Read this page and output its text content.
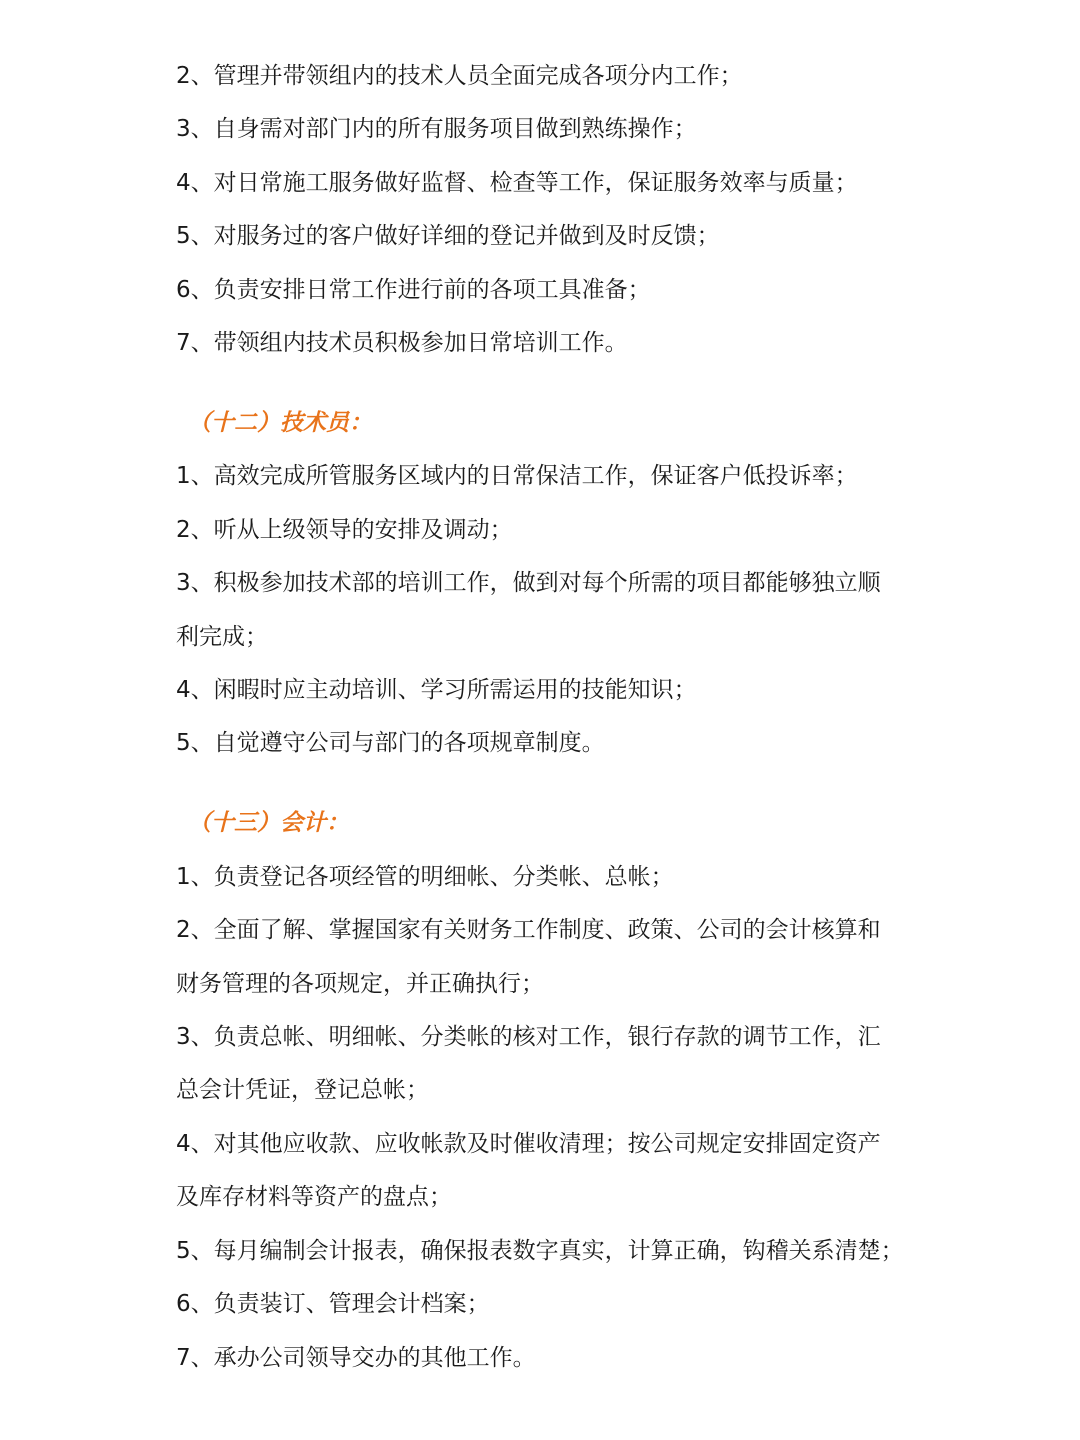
2、管理并带领组内的技术人员全面完成各项分内工作；
3、自身需对部门内的所有服务项目做到熟练操作；
4、对日常施工服务做好监督、检查等工作，保证服务效率与质量；
5、对服务过的客户做好详细的登记并做到及时反馈；
6、负责安排日常工作进行前的各项工具准备；
7、带领组内技术员积极参加日常培训工作。
（十二）技术员：
1、高效完成所管服务区域内的日常保洁工作，保证客户低投诉率；
2、听从上级领导的安排及调动；
3、积极参加技术部的培训工作，做到对每个所需的项目都能够独立顺
利完成；
4、闲暇时应主动培训、学习所需运用的技能知识；
5、自觉遵守公司与部门的各项规章制度。
（十三）会计：
1、负责登记各项经管的明细帐、分类帐、总帐；
2、全面了解、掌握国家有关财务工作制度、政策、公司的会计核算和
财务管理的各项规定，并正确执行；
3、负责总帐、明细帐、分类帐的核对工作，银行存款的调节工作，汇
总会计凭证，登记总帐；
4、对其他应收款、应收帐款及时催收清理；按公司规定安排固定资产
及库存材料等资产的盘点；
5、每月编制会计报表，确保报表数字真实，计算正确，钩稽关系清楚；
6、负责装订、管理会计档案；
7、承办公司领导交办的其他工作。
